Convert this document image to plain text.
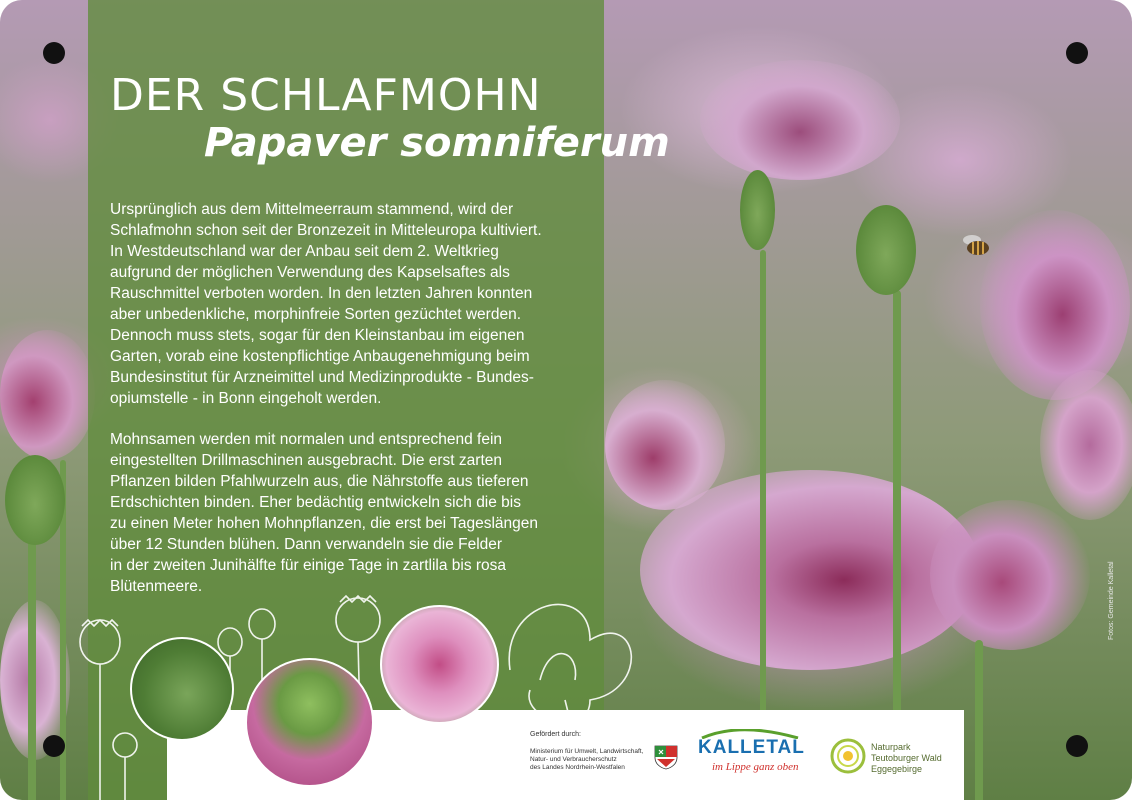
DER SCHLAFMOHN
Papaver somniferum
Ursprünglich aus dem Mittelmeerraum stammend, wird der
Schlafmohn schon seit der Bronzezeit in Mitteleuropa kultiviert.
In Westdeutschland war der Anbau seit dem 2. Weltkrieg
aufgrund der möglichen Verwendung des Kapselsaftes als
Rauschmittel verboten worden. In den letzten Jahren konnten
aber unbedenkliche, morphinfreie Sorten gezüchtet werden.
Dennoch muss stets, sogar für den Kleinstanbau im eigenen
Garten, vorab eine kostenpflichtige Anbaugenehmigung beim
Bundesinstitut für Arzneimittel und Medizinprodukte - Bundes-
opiumstelle - in Bonn eingeholt werden.
Mohnsamen werden mit normalen und entsprechend fein
eingestellten Drillmaschinen ausgebracht. Die erst zarten
Pflanzen bilden Pfahlwurzeln aus, die Nährstoffe aus tieferen
Erdschichten binden. Eher bedächtig entwickeln sich die bis
zu einen Meter hohen Mohnpflanzen, die erst bei Tageslängen
über 12 Stunden blühen. Dann verwandeln sie die Felder
in der zweiten Junihälfte für einige Tage in zartlila bis rosa
Blütenmeere.
Gefördert durch:
Ministerium für Umwelt, Landwirtschaft,
Natur- und Verbraucherschutz
des Landes Nordrhein-Westfalen
KALLETAL
im Lippe ganz oben
Naturpark
Teutoburger Wald
Eggegebirge
Fotos: Gemeinde Kalletal
